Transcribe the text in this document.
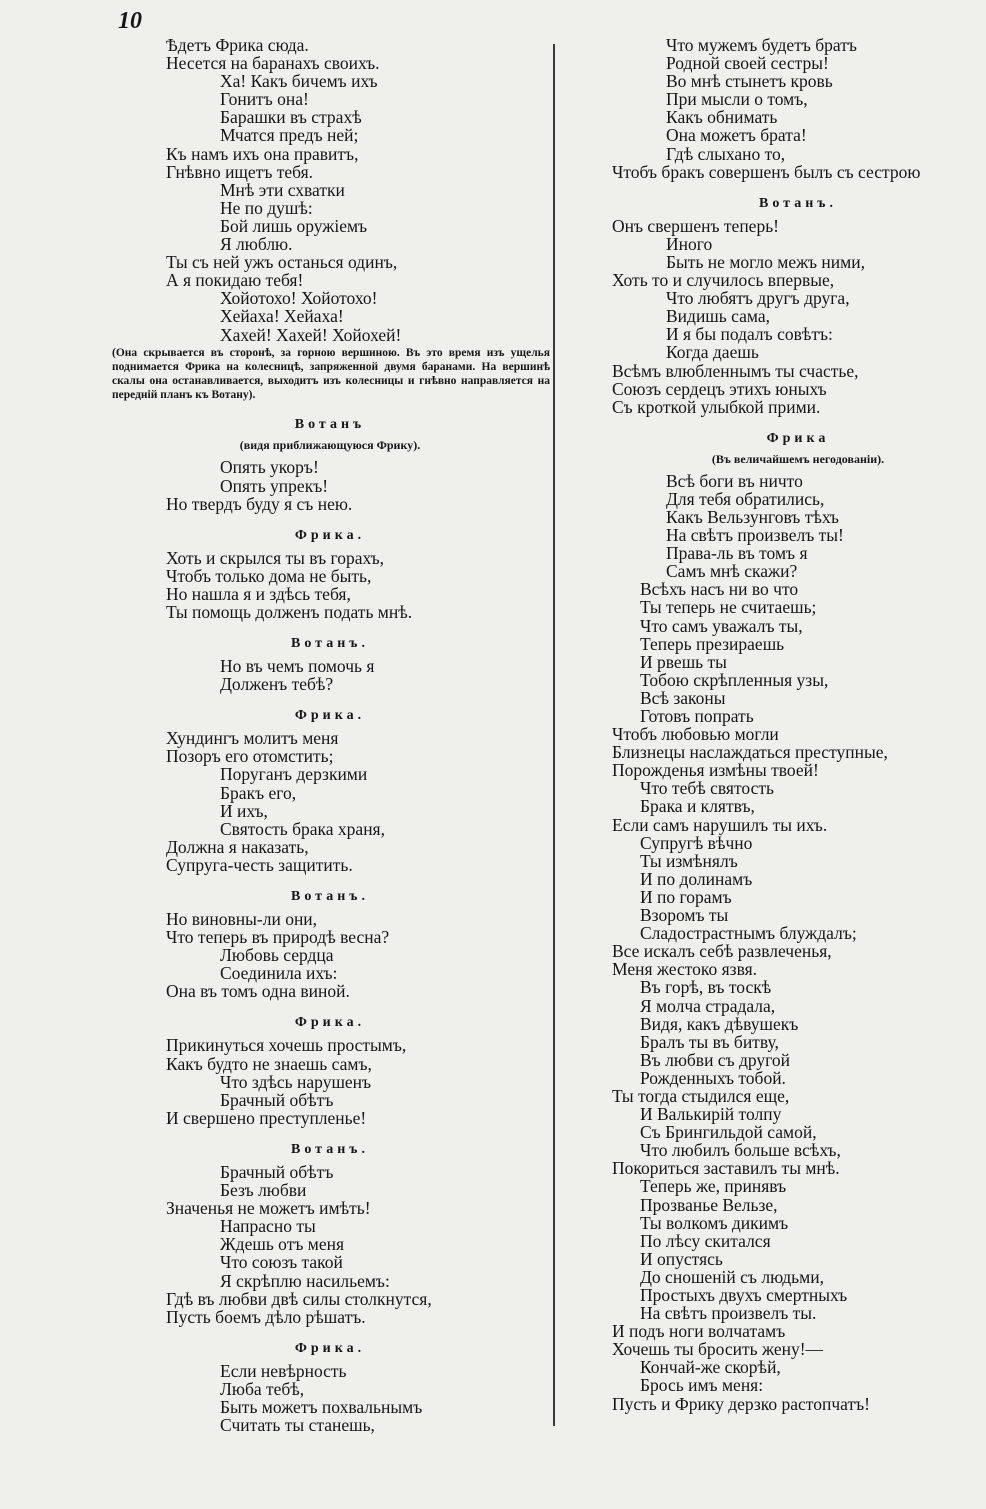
10
Ѣдетъ Фрика сюда.
Несется на баранахъ своихъ.
Ха! Какъ бичемъ ихъ
Гонитъ она!
Барашки въ страхѣ
Мчатся предъ ней;
Къ намъ ихъ она правитъ,
Гнѣвно ищетъ тебя.
Мнѣ эти схватки
Не по душѣ:
Бой лишь оружіемъ
Я люблю.
Ты съ ней ужъ останься одинъ,
А я покидаю тебя!
Хойотохо! Хойотохо!
Хейаха! Хейаха!
Хахей! Хахей! Хойохей!
(Она скрывается въ сторонѣ, за горною вершиною. Въ это время изъ ущелья поднимается Фрика на колесницѣ, запряженной двумя баранами. На вершинѣ скалы она останавливается, выходитъ изъ колесницы и гнѣвно направляется на передній планъ къ Вотану).
Вотанъ
(видя приближающуюся Фрику).
Опять укоръ!
Опять упрекъ!
Но твердъ буду я съ нею.
Фрика.
Хоть и скрылся ты въ горахъ,
Чтобъ только дома не быть,
Но нашла я и здѣсь тебя,
Ты помощь долженъ подать мнѣ.
Вотанъ.
Но въ чемъ помочь я
Долженъ тебѣ?
Фрика.
Хундингъ молитъ меня
Позоръ его отомстить;
Поруганъ дерзкими
Бракъ его,
И ихъ,
Святость брака храня,
Должна я наказать,
Супруга-честь защитить.
Вотанъ.
Но виновны-ли они,
Что теперь въ природѣ весна?
Любовь сердца
Соединила ихъ:
Она въ томъ одна виной.
Фрика.
Прикинуться хочешь простымъ,
Какъ будто не знаешь самъ,
Что здѣсь нарушенъ
Брачный обѣтъ
И свершено преступленье!
Вотанъ.
Брачный обѣтъ
Безъ любви
Значенья не можетъ имѣть!
Напрасно ты
Ждешь отъ меня
Что союзъ такой
Я скрѣплю насильемъ:
Гдѣ въ любви двѣ силы столкнутся,
Пусть боемъ дѣло рѣшатъ.
Фрика.
Если невѣрность
Люба тебѣ,
Быть можетъ похвальнымъ
Считать ты станешь,
Что мужемъ будетъ братъ
Родной своей сестры!
Во мнѣ стынетъ кровь
При мысли о томъ,
Какъ обнимать
Она можетъ брата!
Гдѣ слыхано то,
Чтобъ бракъ совершенъ былъ съ сестрою
Вотанъ.
Онъ свершенъ теперь!
Иного
Быть не могло межъ ними,
Хоть то и случилось впервые,
Что любятъ другъ друга,
Видишь сама,
И я бы подалъ совѣтъ:
Когда даешь
Всѣмъ влюбленнымъ ты счастье,
Союзъ сердецъ этихъ юныхъ
Съ кроткой улыбкой прими.
Фрика
(Въ величайшемъ негодованіи).
Всѣ боги въ ничто
Для тебя обратились,
Какъ Вельзунговъ тѣхъ
На свѣтъ произвелъ ты!
Права-ль въ томъ я
Самъ мнѣ скажи?
Всѣхъ насъ ни во что
Ты теперь не считаешь;
Что самъ уважалъ ты,
Теперь презираешь
И рвешь ты
Тобою скрѣпленныя узы,
Всѣ законы
Готовъ попрать
Чтобъ любовью могли
Близнецы наслаждаться преступные,
Порожденья измѣны твоей!
Что тебѣ святость
Брака и клятвъ,
Если самъ нарушилъ ты ихъ.
Супругѣ вѣчно
Ты измѣнялъ
И по долинамъ
И по горамъ
Взоромъ ты
Сладострастнымъ блуждалъ;
Все искалъ себѣ развлеченья,
Меня жестоко язвя.
Въ горѣ, въ тоскѣ
Я молча страдала,
Видя, какъ дѣвушекъ
Бралъ ты въ битву,
Въ любви съ другой
Рожденныхъ тобой.
Ты тогда стыдился еще,
И Валькирій толпу
Съ Брингильдой самой,
Что любилъ больше всѣхъ,
Покориться заставилъ ты мнѣ.
Теперь же, принявъ
Прозванье Вельзе,
Ты волкомъ дикимъ
По лѣсу скитался
И опустясь
До сношеній съ людьми,
Простыхъ двухъ смертныхъ
На свѣтъ произвелъ ты.
И подъ ноги волчатамъ
Хочешь ты бросить жену!—
Кончай-же скорѣй,
Брось имъ меня:
Пусть и Фрику дерзко растопчатъ!
